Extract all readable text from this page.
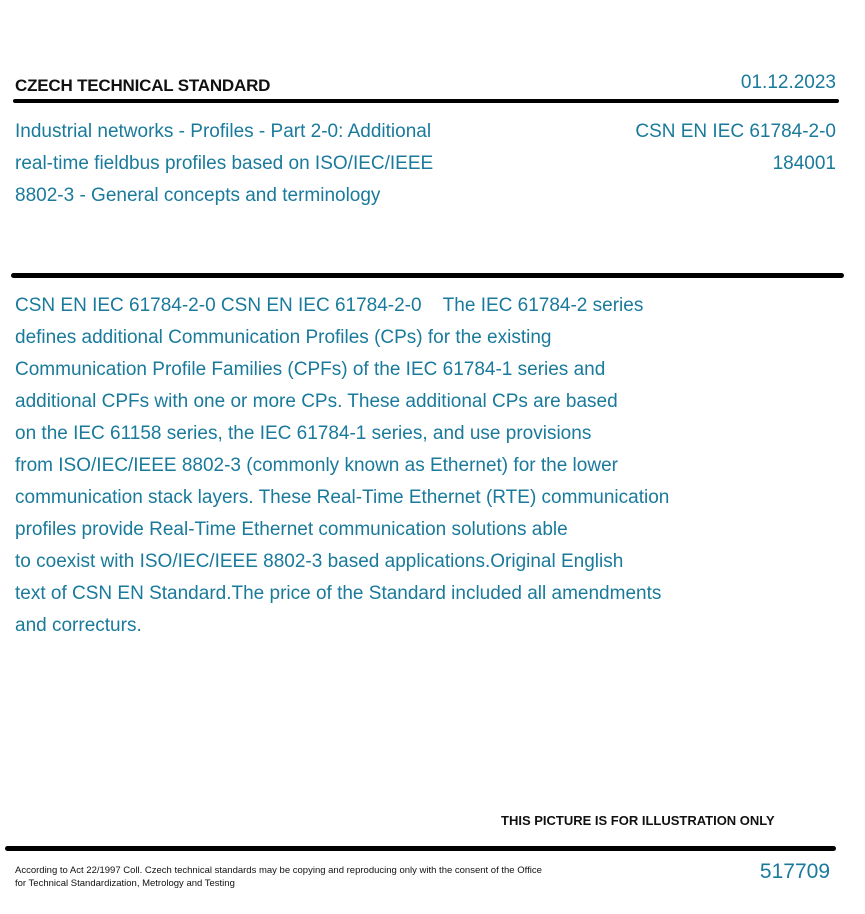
CZECH TECHNICAL STANDARD	01.12.2023
Industrial networks - Profiles - Part 2-0: Additional
real-time fieldbus profiles based on ISO/IEC/IEEE
8802-3 - General concepts and terminology
CSN EN IEC 61784-2-0
184001
CSN EN IEC 61784-2-0 CSN EN IEC 61784-2-0    The IEC 61784-2 series
defines additional Communication Profiles (CPs) for the existing
Communication Profile Families (CPFs) of the IEC 61784-1 series and
additional CPFs with one or more CPs. These additional CPs are based
on the IEC 61158 series, the IEC 61784-1 series, and use provisions
from ISO/IEC/IEEE 8802-3 (commonly known as Ethernet) for the lower
communication stack layers. These Real-Time Ethernet (RTE) communication
profiles provide Real-Time Ethernet communication solutions able
to coexist with ISO/IEC/IEEE 8802-3 based applications.Original English
text of CSN EN Standard.The price of the Standard included all amendments
and correcturs.
THIS PICTURE IS FOR ILLUSTRATION ONLY
According to Act 22/1997 Coll. Czech technical standards may be copying and reproducing only with the consent of the Office
for Technical Standardization, Metrology and Testing
517709
